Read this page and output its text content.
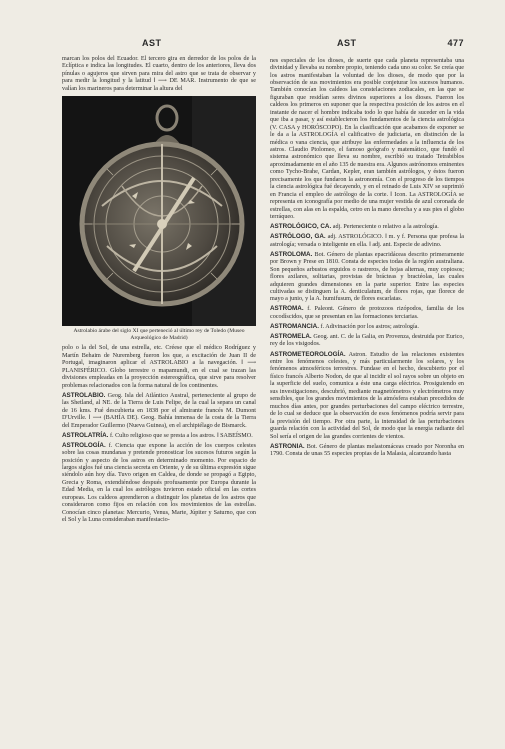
AST	AST	477

marcan los polos del Ecuador. El tercero gira en derredor de los polos de la Eclíptica e indica las longitudes. El cuarto, dentro de los anteriores, lleva dos pínulas o agujeros que sirven para mira del astro que se trata de observar y para medir la longitud y la latitud ‖ ⟶ DE MAR. Instrumento de que se valían los marineros para determinar la altura del

Astrolabio árabe del siglo XI que perteneció al último rey de Toledo (Museo Arqueológico de Madrid)

polo o la del Sol, de una estrella, etc. Créese que el médico Rodríguez y Martín Behaim de Nuremberg fueron los que, a excitación de Juan II de Portugal, imaginaron aplicar el ASTROLABIO a la navegación. ‖ ⟶ PLANISFÉRICO. Globo terrestre o mapamundi, en el cual se trazan las divisiones empleadas en la proyección estereográfica, que sirve para resolver problemas relacionados con la forma natural de los continentes.

ASTROLABIO. Geog. Isla del Atlántico Austral, perteneciente al grupo de las Shetland, al NE. de la Tierra de Luis Felipe, de la cual la separa un canal de 16 kms. Fué descubierta en 1838 por el almirante francés M. Dumont D'Urville. ‖ ⟶ (BAHÍA DE). Geog. Bahía inmensa de la costa de la Tierra del Emperador Guillermo (Nueva Guinea), en el archipiélago de Bismarck.

ASTROLATRÍA. f. Culto religioso que se presta a los astros. ‖ SABEÍSMO.

ASTROLOGÍA. f. Ciencia que expone la acción de los cuerpos celestes sobre las cosas mundanas y pretende pronosticar los sucesos futuros según la posición y aspecto de los astros en determinado momento. Por espacio de largos siglos fué una ciencia secreta en Oriente, y de su última expresión sigue siéndolo aún hoy día. Tuvo origen en Caldea, de donde se propagó a Egipto, Grecia y Roma, extendiéndose después profusamente por Europa durante la Edad Media, en la cual los astrólogos tuvieron estado oficial en las cortes europeas. Los caldeos aprendieron a distinguir los planetas de los astros que consideraron como fijos en relación con los movimientos de las estrellas. Conocían cinco planetas: Mercurio, Venus, Marte, Júpiter y Saturno, que con el Sol y la Luna consideraban manifestacio-

nes especiales de los dioses, de suerte que cada planeta representaba una divinidad y llevaba su nombre propio, teniendo cada uno su color. Se creía que los astros manifestaban la voluntad de los dioses, de modo que por la observación de sus movimientos era posible conjeturar los sucesos humanos. También conocían los caldeos las constelaciones zodiacales, en las que se figuraban que residían seres divinos superiores a los dioses. Fueron los caldeos los primeros en suponer que la respectiva posición de los astros en el instante de nacer el hombre indicaba todo lo que había de suceder en la vida que iba a pasar, y así establecieron los fundamentos de la ciencia astrológica (V. CASA y HORÓSCOPO). En la clasificación que acabamos de exponer se le da a la ASTROLOGÍA el calificativo de judiciaria, en distinción de la médica o vana ciencia, que atribuye las enfermedades a la influencia de los astros. Claudio Ptolomeo, el famoso geógrafo y matemático, que fundó el sistema astronómico que lleva su nombre, escribió su tratado Tetrabiblos aproximadamente en el año 135 de nuestra era. Algunos astrónomos eminentes como Tycho-Brahe, Cardan, Kepler, eran también astrólogos, y éstos fueron precisamente los que fundaron la astronomía. Con el progreso de los tiempos la ciencia astrológica fué decayendo, y en el reinado de Luis XIV se suprimió en Francia el empleo de astrólogo de la corte. ‖ Icon. La ASTROLOGÍA se representa en iconografía por medio de una mujer vestida de azul coronada de estrellas, con alas en la espalda, cetro en la mano derecha y a sus pies el globo terráqueo.

ASTROLÓGICO, CA. adj. Perteneciente o relativo a la astrología.

ASTRÓLOGO, GA. adj. ASTROLÓGICO. ‖ m. y f. Persona que profesa la astrología; versada o inteligente en ella. ‖ adj. ant. Especie de adivino.

ASTROLOMA. Bot. Género de plantas epacridáceas descrito primeramente por Brown y Prese en 1810. Consta de especies todas de la región australiana. Son pequeños arbustos erguidos o rastreros, de hojas alternas, muy copiosos; flores axilares, solitarias, provistas de brácteas y bractéolas, las cuales adquieren grandes dimensiones en la parte superior. Entre las especies cultivadas se distinguen la A. denticulatum, de flores rojas, que florece de mayo a junio, y la A. humifusum, de flores escarlatas.

ASTROMA. f. Paleont. Género de protozoos rizópodos, familia de los cocodíscidos, que se presentan en las formaciones terciarias.

ASTROMANCIA. f. Adivinación por los astros; astrología.

ASTROMELA. Geog. ant. C. de la Galia, en Provenza, destruida por Eurico, rey de los visigodos.

ASTROMETEOROLOGÍA. Astron. Estudio de las relaciones existentes entre los fenómenos celestes, y más particularmente los solares, y los fenómenos atmosféricos terrestres. Fundase en el hecho, descubierto por el físico francés Alberto Nodon, de que al incidir el sol rayos sobre un objeto en la superficie del suelo, comunica a éste una carga eléctrica. Prosiguiendo en sus investigaciones, descubrió, mediante magnetómetros y electrómetros muy sensibles, que los grandes movimientos de la atmósfera estaban precedidos de muchos días antes, por grandes perturbaciones del campo eléctrico terrestre, de lo cual se deduce que la observación de esos fenómenos podría servir para la previsión del tiempo. Por otra parte, la intensidad de las perturbaciones guarda relación con la actividad del Sol, de modo que la energía radiante del Sol sería el origen de las grandes corrientes de vientos.

ASTRONIA. Bot. Género de plantas melastomáceas creado por Noronha en 1790. Consta de unas 55 especies propias de la Malasia, alcanzando hasta
